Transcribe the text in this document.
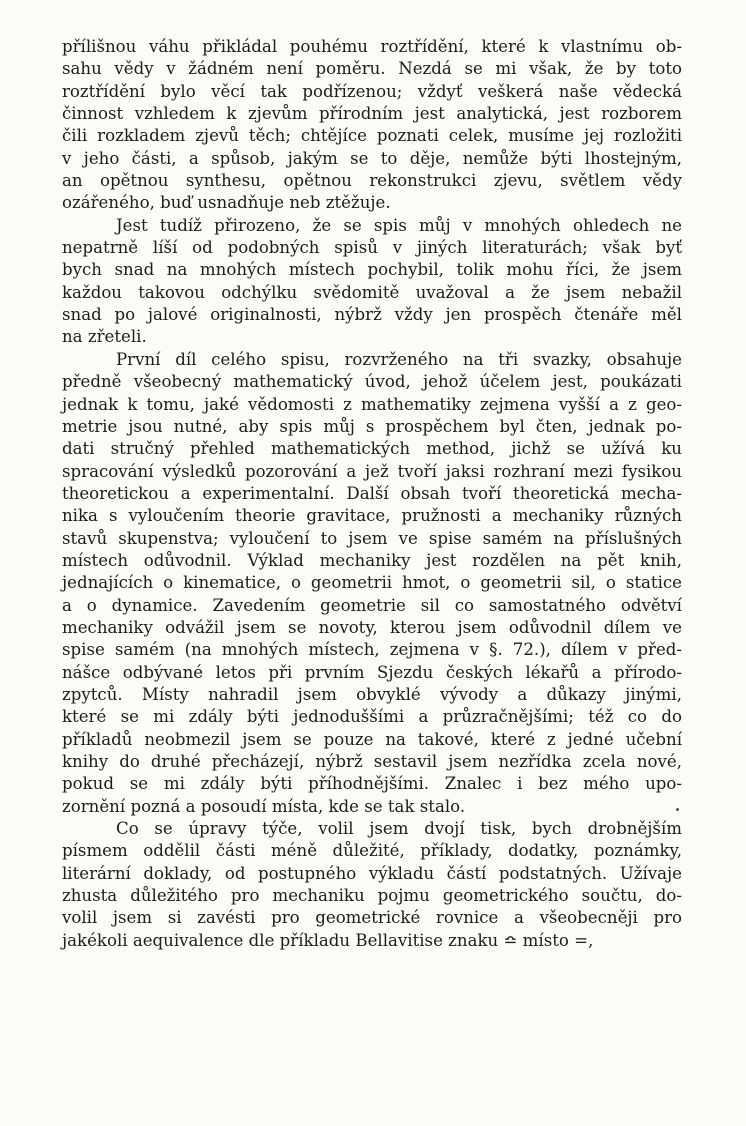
přílišnou váhu přikládal pouhému roztřídění, které k vlastnímu ob-
sahu vědy v žádném není poměru. Nezdá se mi však, že by toto
roztřídění bylo věcí tak podřízenou; vždyť veškerá naše vědecká
činnost vzhledem k zjevům přírodním jest analytická, jest rozborem
čili rozkladem zjevů těch; chtějíce poznati celek, musíme jej rozložiti
v jeho části, a spůsob, jakým se to děje, nemůže býti lhostejným,
an opětnou synthesu, opětnou rekonstrukci zjevu, světlem vědy
ozářeného, buď usnadňuje neb ztěžuje.
Jest tudíž přirozeno, že se spis můj v mnohých ohledech ne
nepatrně líší od podobných spisů v jiných literaturách; však byť
bych snad na mnohých místech pochybil, tolik mohu říci, že jsem
každou takovou odchýlku svědomitě uvažoval a že jsem nebažil
snad po jalové originalnosti, nýbrž vždy jen prospěch čtenáře měl
na zřeteli.
První díl celého spisu, rozvrženého na tři svazky, obsahuje
předně všeobecný mathematický úvod, jehož účelem jest, poukázati
jednak k tomu, jaké vědomosti z mathematiky zejmena vyšší a z geo-
metrie jsou nutné, aby spis můj s prospěchem byl čten, jednak po-
dati stručný přehled mathematických method, jichž se užívá ku
spracování výsledků pozorování a jež tvoří jaksi rozhraní mezi fysikou
theoretickou a experimentalní. Další obsah tvoří theoretická mecha-
nika s vyloučením theorie gravitace, pružnosti a mechaniky různých
stavů skupenstva; vyloučení to jsem ve spise samém na příslušných
místech odůvodnil. Výklad mechaniky jest rozdělen na pět knih,
jednajících o kinematice, o geometrii hmot, o geometrii sil, o statice
a o dynamice. Zavedením geometrie sil co samostatného odvětví
mechaniky odvážil jsem se novoty, kterou jsem odůvodnil dílem ve
spise samém (na mnohých místech, zejmena v §. 72.), dílem v před-
nášce odbývané letos při prvním Sjezdu českých lékařů a přírodo-
zpytců. Místy nahradil jsem obvyklé vývody a důkazy jinými,
které se mi zdály býti jednoduššími a průzračnějšími; též co do
příkladů neobmezil jsem se pouze na takové, které z jedné učební
knihy do druhé přecházejí, nýbrž sestavil jsem nezřídka zcela nové,
pokud se mi zdály býti příhodnějšími. Znalec i bez mého upo-
zornění pozná a posoudí místa, kde se tak stalo.
Co se úpravy týče, volil jsem dvojí tisk, bych drobnějším
písmem oddělil části méně důležité, příklady, dodatky, poznámky,
literární doklady, od postupného výkladu částí podstatných. Užívaje
zhusta důležitého pro mechaniku pojmu geometrického součtu, do-
volil jsem si zavésti pro geometrické rovnice a všeobecněji pro
jakékoli aequivalence dle příkladu Bellavitise znaku ≏ místo =,
